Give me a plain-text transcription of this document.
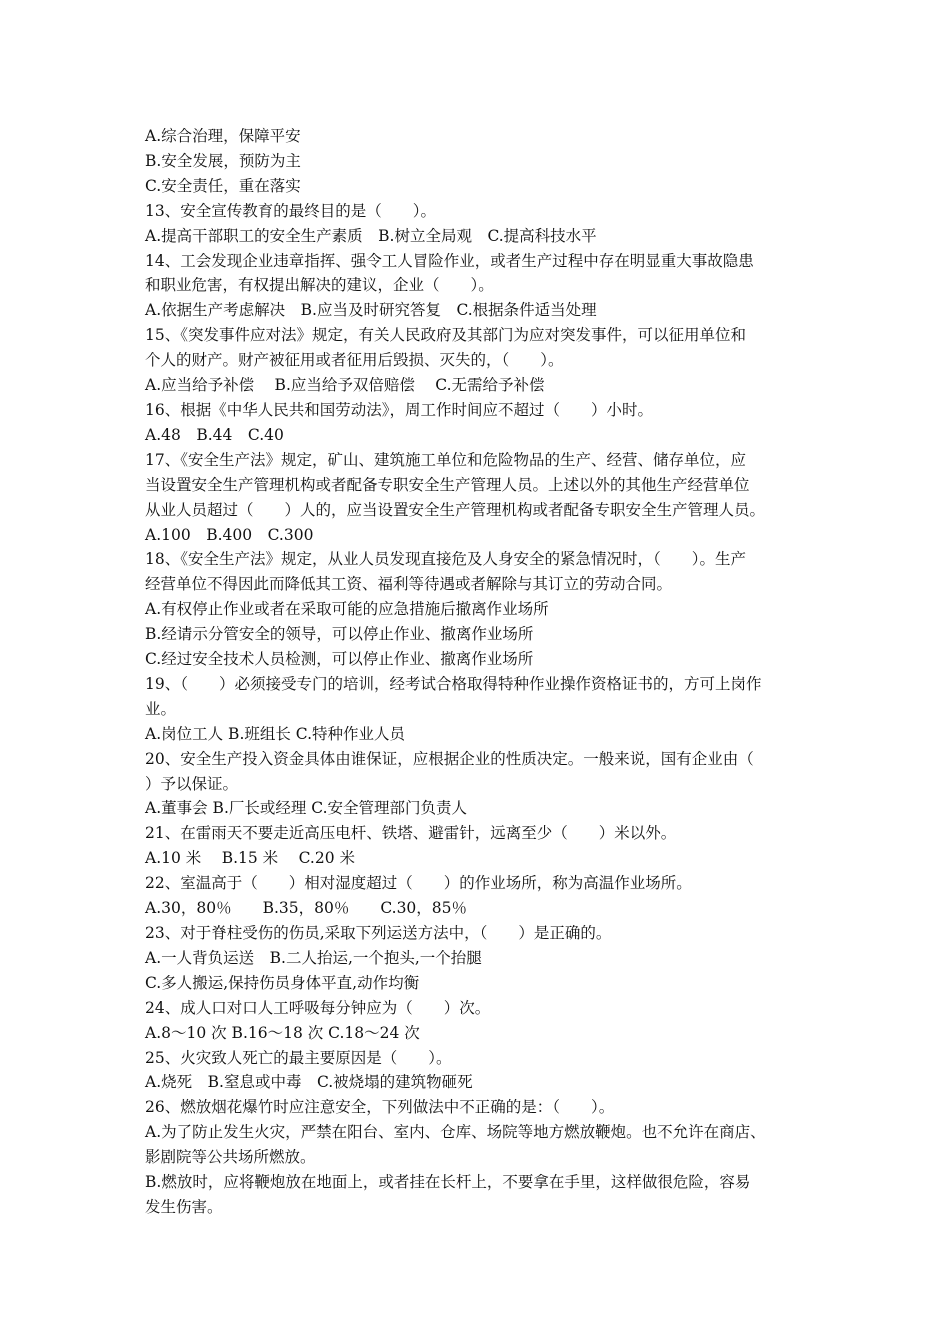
A.综合治理，保障平安

B.安全发展，预防为主

C.安全责任，重在落实

13、安全宣传教育的最终目的是（　　）。

A.提高干部职工的安全生产素质　B.树立全局观　C.提高科技水平

14、工会发现企业违章指挥、强令工人冒险作业，或者生产过程中存在明显重大事故隐患

和职业危害，有权提出解决的建议，企业（　　）。

A.依据生产考虑解决　B.应当及时研究答复　C.根据条件适当处理

15、《突发事件应对法》规定，有关人民政府及其部门为应对突发事件，可以征用单位和

个人的财产。财产被征用或者征用后毁损、灭失的，（　　）。

A.应当给予补偿　 B.应当给予双倍赔偿　 C.无需给予补偿

16、根据《中华人民共和国劳动法》，周工作时间应不超过（　　）小时。

A.48　B.44　C.40

17、《安全生产法》规定，矿山、建筑施工单位和危险物品的生产、经营、储存单位，应

当设置安全生产管理机构或者配备专职安全生产管理人员。上述以外的其他生产经营单位

从业人员超过（　　）人的，应当设置安全生产管理机构或者配备专职安全生产管理人员。

A.100　B.400　C.300

18、《安全生产法》规定，从业人员发现直接危及人身安全的紧急情况时，（　　）。生产

经营单位不得因此而降低其工资、福利等待遇或者解除与其订立的劳动合同。

A.有权停止作业或者在采取可能的应急措施后撤离作业场所

B.经请示分管安全的领导，可以停止作业、撤离作业场所

C.经过安全技术人员检测，可以停止作业、撤离作业场所

19、（　　）必须接受专门的培训，经考试合格取得特种作业操作资格证书的，方可上岗作

业。

A.岗位工人 B.班组长 C.特种作业人员

20、安全生产投入资金具体由谁保证，应根据企业的性质决定。一般来说，国有企业由（

）予以保证。

A.董事会 B.厂长或经理 C.安全管理部门负责人

21、在雷雨天不要走近高压电杆、铁塔、避雷针，远离至少（　　）米以外。

A.10 米　 B.15 米　 C.20 米

22、室温高于（　　）相对湿度超过（　　）的作业场所，称为高温作业场所。

A.30，80％　　B.35，80％　　C.30，85％

23、对于脊柱受伤的伤员,采取下列运送方法中，（　　）是正确的。

A.一人背负运送　B.二人抬运,一个抱头,一个抬腿

C.多人搬运,保持伤员身体平直,动作均衡

24、成人口对口人工呼吸每分钟应为（　　）次。

A.8～10 次 B.16～18 次 C.18～24 次

25、火灾致人死亡的最主要原因是（　　）。

A.烧死　B.窒息或中毒　C.被烧塌的建筑物砸死

26、燃放烟花爆竹时应注意安全，下列做法中不正确的是：（　　）。

A.为了防止发生火灾，严禁在阳台、室内、仓库、场院等地方燃放鞭炮。也不允许在商店、

影剧院等公共场所燃放。

B.燃放时，应将鞭炮放在地面上，或者挂在长杆上，不要拿在手里，这样做很危险，容易

发生伤害。
